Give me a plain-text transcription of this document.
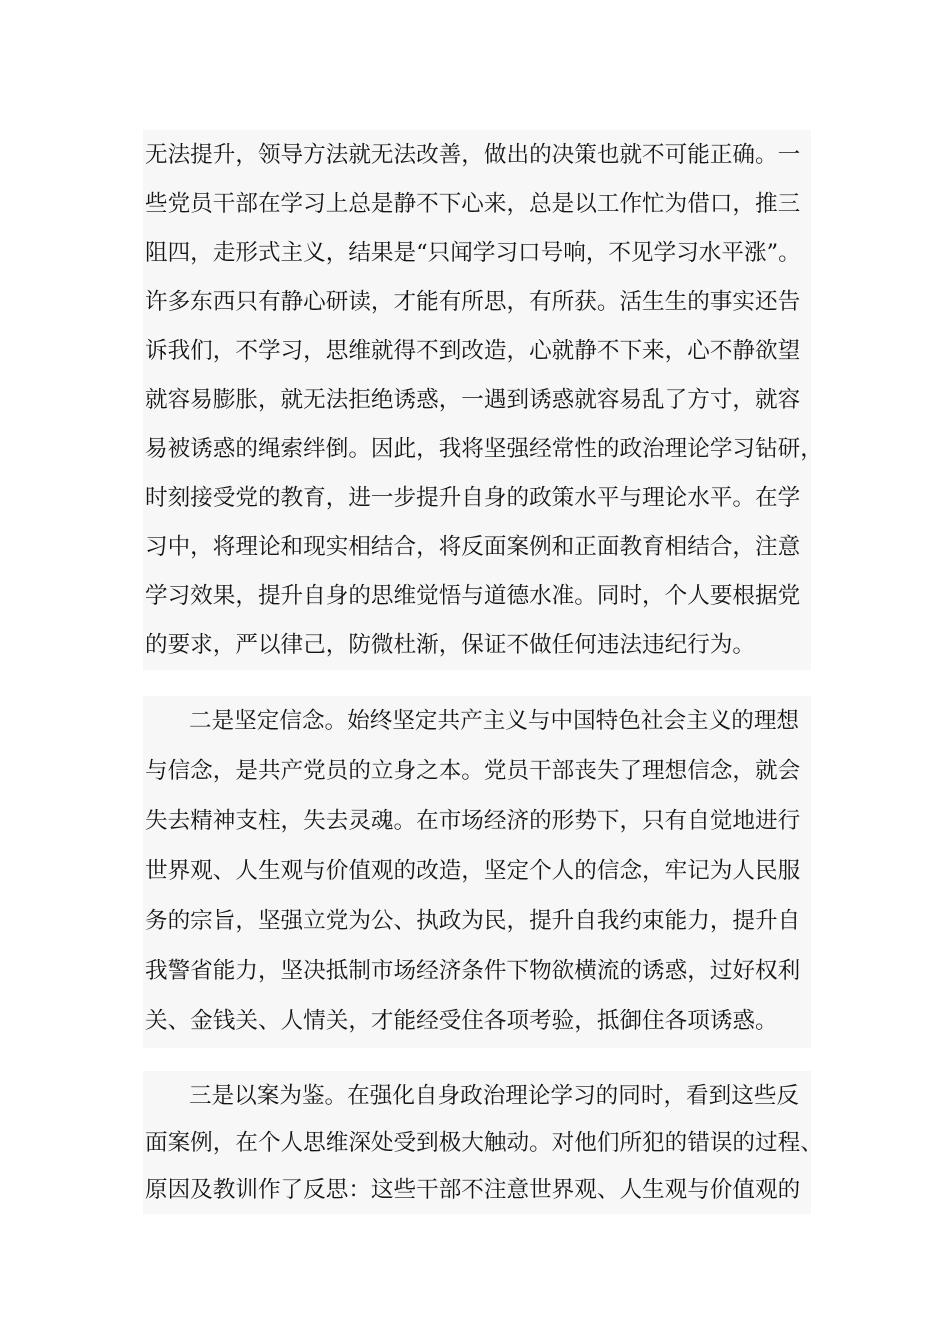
无法提升，领导方法就无法改善，做出的决策也就不可能正确。一
些党员干部在学习上总是静不下心来，总是以工作忙为借口，推三
阻四，走形式主义，结果是“只闻学习口号响，不见学习水平涨”。
许多东西只有静心研读，才能有所思，有所获。活生生的事实还告
诉我们，不学习，思维就得不到改造，心就静不下来，心不静欲望
就容易膨胀，就无法拒绝诱惑，一遇到诱惑就容易乱了方寸，就容
易被诱惑的绳索绊倒。因此，我将坚强经常性的政治理论学习钻研，
时刻接受党的教育，进一步提升自身的政策水平与理论水平。在学
习中，将理论和现实相结合，将反面案例和正面教育相结合，注意
学习效果，提升自身的思维觉悟与道德水准。同时，个人要根据党
的要求，严以律己，防微杜渐，保证不做任何违法违纪行为。
二是坚定信念。始终坚定共产主义与中国特色社会主义的理想
与信念，是共产党员的立身之本。党员干部丧失了理想信念，就会
失去精神支柱，失去灵魂。在市场经济的形势下，只有自觉地进行
世界观、人生观与价值观的改造，坚定个人的信念，牢记为人民服
务的宗旨，坚强立党为公、执政为民，提升自我约束能力，提升自
我警省能力，坚决抵制市场经济条件下物欲横流的诱惑，过好权利
关、金钱关、人情关，才能经受住各项考验，抵御住各项诱惑。
三是以案为鉴。在强化自身政治理论学习的同时，看到这些反
面案例，在个人思维深处受到极大触动。对他们所犯的错误的过程、
原因及教训作了反思：这些干部不注意世界观、人生观与价值观的
